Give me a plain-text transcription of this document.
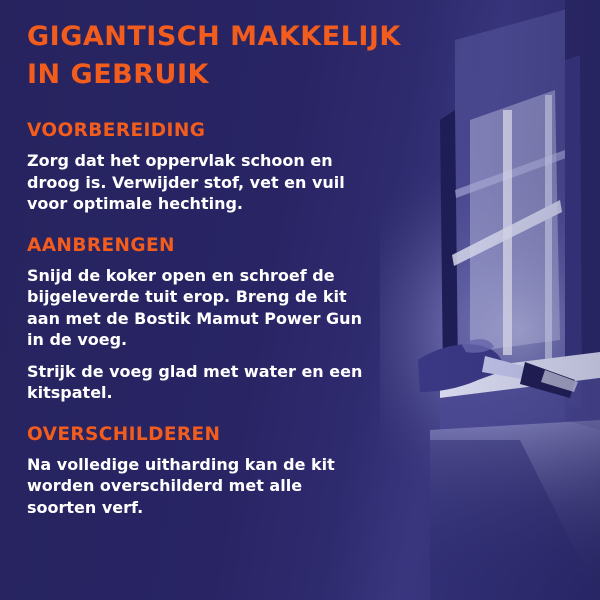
GIGANTISCH MAKKELIJK
IN GEBRUIK
VOORBEREIDING

Zorg dat het oppervlak schoon en
droog is. Verwijder stof, vet en vuil
voor optimale hechting.

AANBRENGEN

Snijd de koker open en schroef de
bijgeleverde tuit erop. Breng de kit
aan met de Bostik Mamut Power Gun
in de voeg.

Strijk de voeg glad met water en een
kitspatel.

OVERSCHILDEREN

Na volledige uitharding kan de kit
worden overschilderd met alle
soorten verf.
